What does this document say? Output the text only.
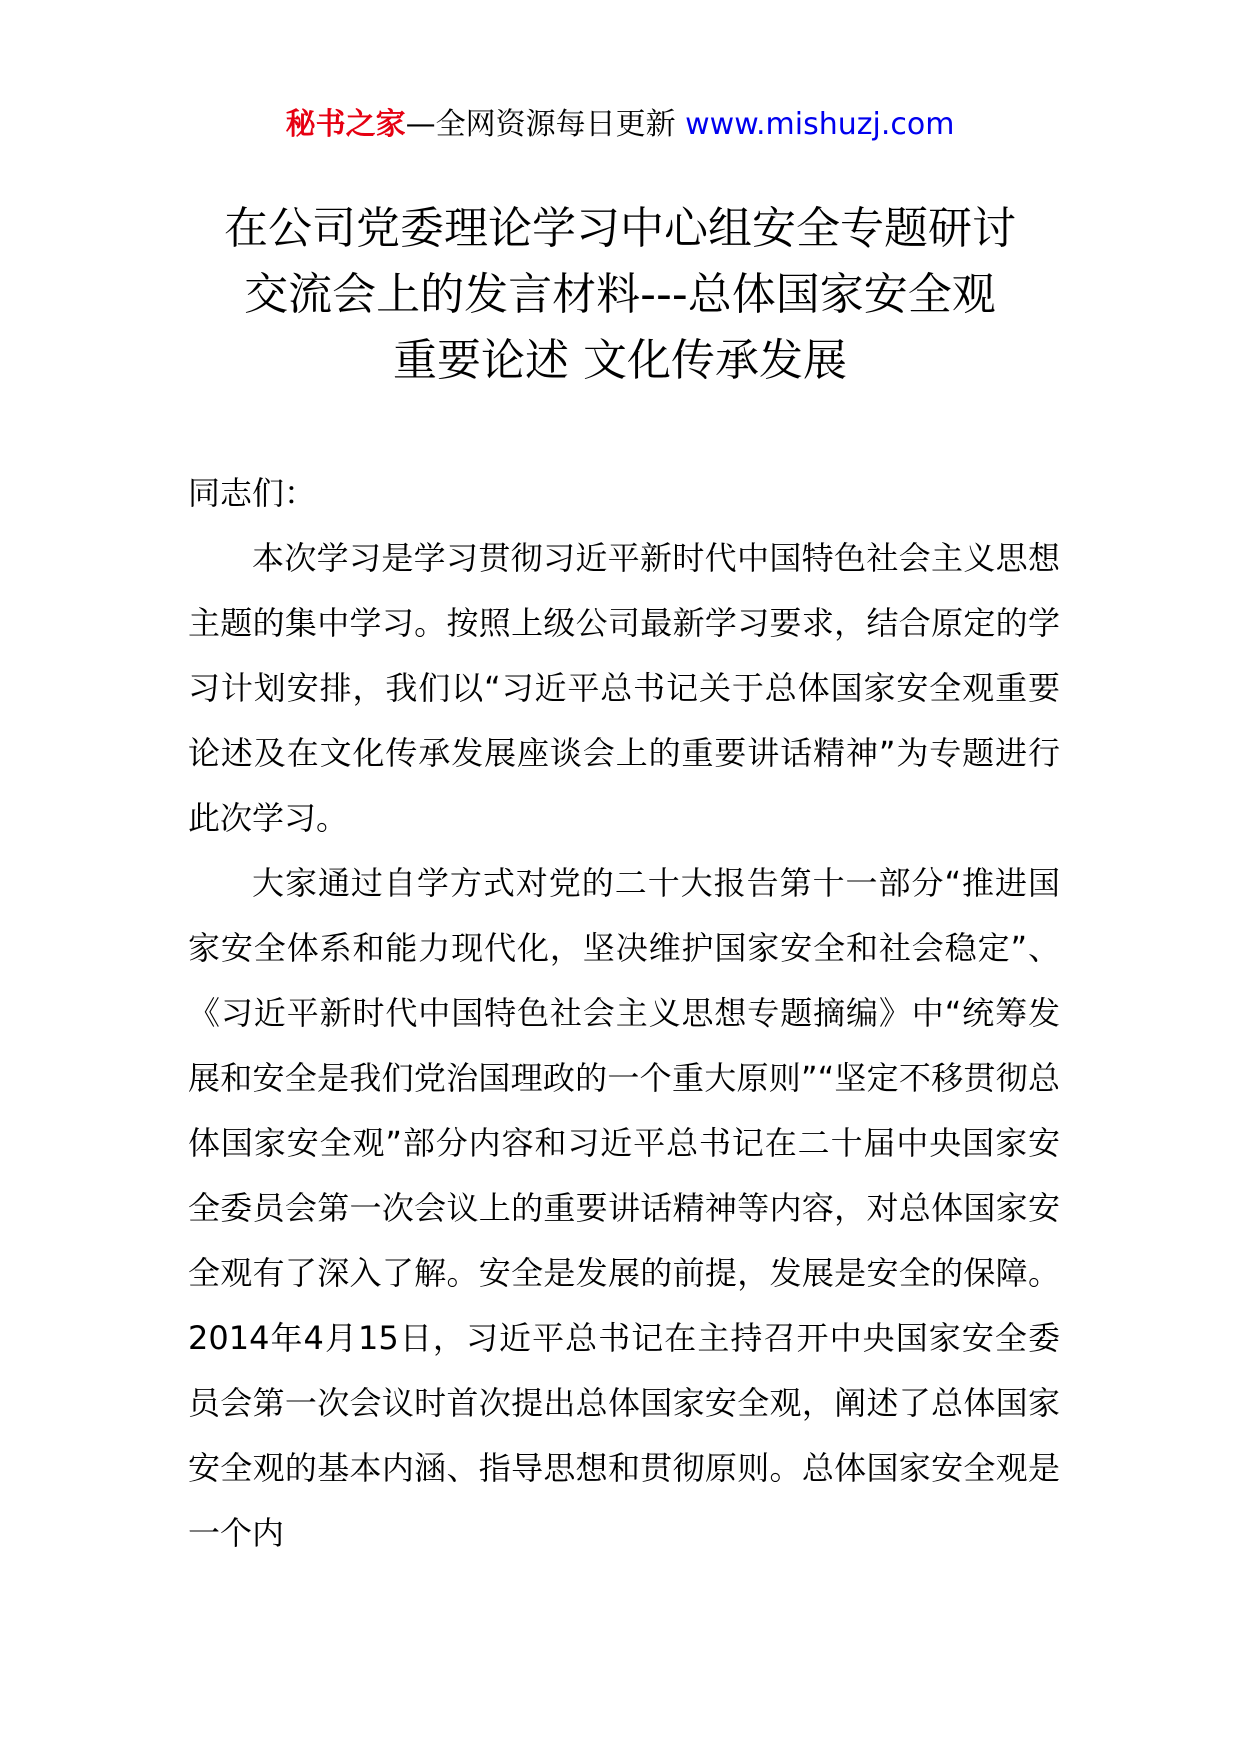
秘书之家—全网资源每日更新 www.mishuzj.com
在公司党委理论学习中心组安全专题研讨
交流会上的发言材料---总体国家安全观
重要论述 文化传承发展

同志们：

本次学习是学习贯彻习近平新时代中国特色社会主义思想主题的集中学习。按照上级公司最新学习要求，结合原定的学习计划安排，我们以“习近平总书记关于总体国家安全观重要论述及在文化传承发展座谈会上的重要讲话精神”为专题进行此次学习。

大家通过自学方式对党的二十大报告第十一部分“推进国家安全体系和能力现代化，坚决维护国家安全和社会稳定”、《习近平新时代中国特色社会主义思想专题摘编》中“统筹发展和安全是我们党治国理政的一个重大原则”“坚定不移贯彻总体国家安全观”部分内容和习近平总书记在二十届中央国家安全委员会第一次会议上的重要讲话精神等内容，对总体国家安全观有了深入了解。安全是发展的前提，发展是安全的保障。2014年4月15日，习近平总书记在主持召开中央国家安全委员会第一次会议时首次提出总体国家安全观，阐述了总体国家安全观的基本内涵、指导思想和贯彻原则。总体国家安全观是一个内
